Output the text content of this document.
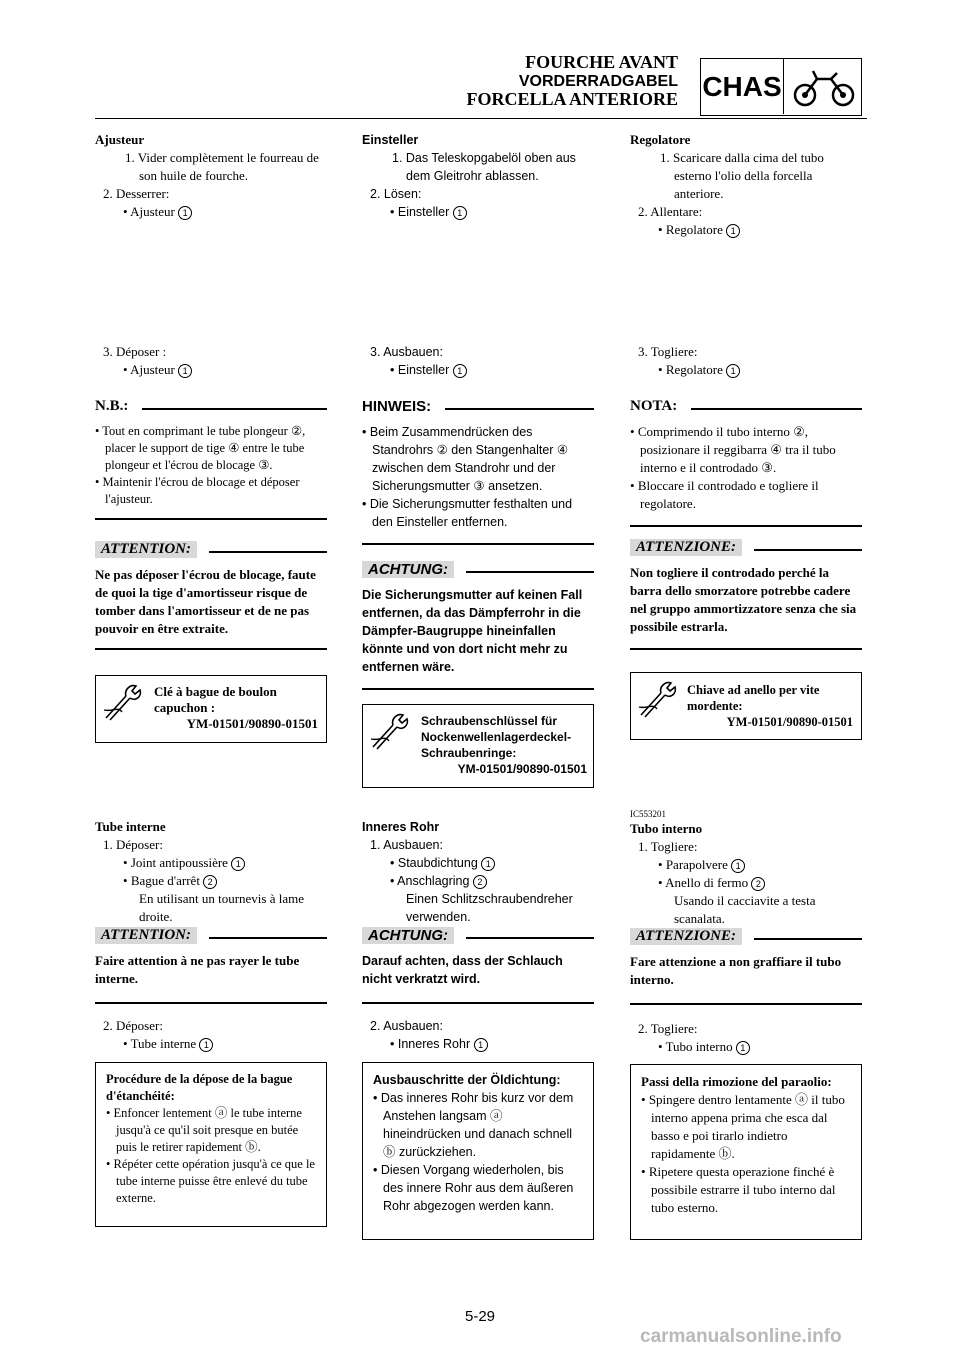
FOURCHE AVANT
VORDERRADGABEL
FORCELLA ANTERIORE CHAS
Ajusteur
1. Vider complètement le fourreau de son huile de fourche.
2. Desserrer:
• Ajusteur 1
3. Déposer :
• Ajusteur 1
N.B.:
• Tout en comprimant le tube plongeur ②, placer le support de tige ④ entre le tube plongeur et l'écrou de blocage ③.
• Maintenir l'écrou de blocage et déposer l'ajusteur.
ATTENTION:
Ne pas déposer l'écrou de blocage, faute de quoi la tige d'amortisseur risque de tomber dans l'amortisseur et de ne pas pouvoir en être extraite.
Clé à bague de boulon capuchon :
YM-01501/90890-01501
Tube interne
1. Déposer:
• Joint antipoussière 1
• Bague d'arrêt 2
En utilisant un tournevis à lame droite.
ATTENTION:
Faire attention à ne pas rayer le tube interne.
2. Déposer:
• Tube interne 1
Procédure de la dépose de la bague d'étanchéité:
• Enfoncer lentement ⓐ le tube interne jusqu'à ce qu'il soit presque en butée puis le retirer rapidement ⓑ.
• Répéter cette opération jusqu'à ce que le tube interne puisse être enlevé du tube externe.
Einsteller
1. Das Teleskopgabelöl oben aus dem Gleitrohr ablassen.
2. Lösen:
• Einsteller 1
3. Ausbauen:
• Einsteller 1
HINWEIS:
• Beim Zusammendrücken des Standrohrs ② den Stangenhalter ④ zwischen dem Standrohr und der Sicherungsmutter ③ ansetzen.
• Die Sicherungsmutter festhalten und den Einsteller entfernen.
ACHTUNG:
Die Sicherungsmutter auf keinen Fall entfernen, da das Dämpferrohr in die Dämpfer-Baugruppe hineinfallen könnte und von dort nicht mehr zu entfernen wäre.
Schraubenschlüssel für Nockenwellenlagerdeckel-Schraubenringe:
YM-01501/90890-01501
Inneres Rohr
1. Ausbauen:
• Staubdichtung 1
• Anschlagring 2
Einen Schlitzschraubendreher verwenden.
ACHTUNG:
Darauf achten, dass der Schlauch nicht verkratzt wird.
2. Ausbauen:
• Inneres Rohr 1
Ausbauschritte der Öldichtung:
• Das inneres Rohr bis kurz vor dem Anstehen langsam ⓐ hineindrücken und danach schnell ⓑ zurückziehen.
• Diesen Vorgang wiederholen, bis des innere Rohr aus dem äußeren Rohr abgezogen werden kann.
Regolatore
1. Scaricare dalla cima del tubo esterno l'olio della forcella anteriore.
2. Allentare:
• Regolatore 1
3. Togliere:
• Regolatore 1
NOTA:
• Comprimendo il tubo interno ②, posizionare il reggibarra ④ tra il tubo interno e il controdado ③.
• Bloccare il controdado e togliere il regolatore.
ATTENZIONE:
Non togliere il controdado perché la barra dello smorzatore potrebbe cadere nel gruppo ammortizzatore senza che sia possibile estrarla.
Chiave ad anello per vite mordente:
YM-01501/90890-01501
IC553201
Tubo interno
1. Togliere:
• Parapolvere 1
• Anello di fermo 2
Usando il cacciavite a testa scanalata.
ATTENZIONE:
Fare attenzione a non graffiare il tubo interno.
2. Togliere:
• Tubo interno 1
Passi della rimozione del paraolio:
• Spingere dentro lentamente ⓐ il tubo interno appena prima che esca dal basso e poi tirarlo indietro rapidamente ⓑ.
• Ripetere questa operazione finché è possibile estrarre il tubo interno dal tubo esterno.
5-29
carmanualsonline.info
